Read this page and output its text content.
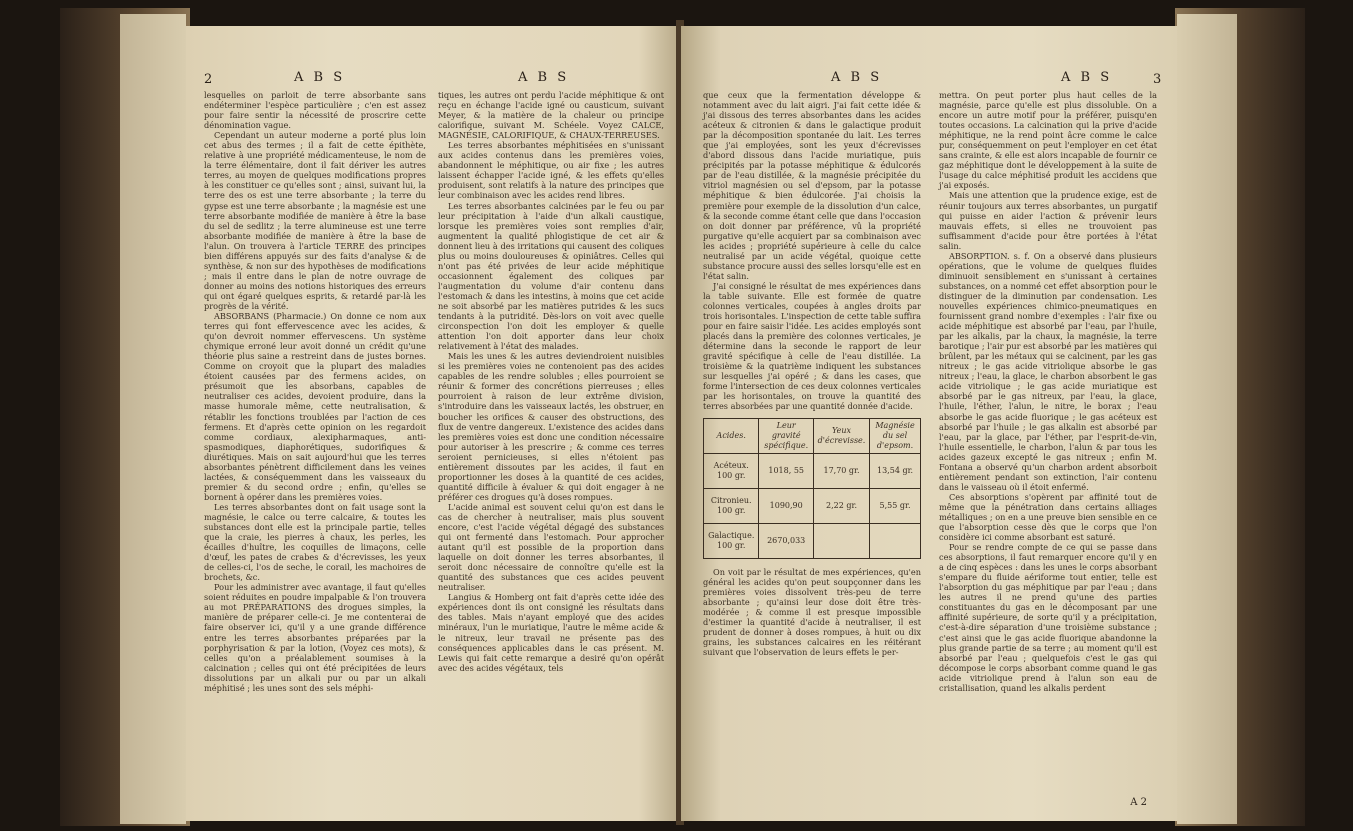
2	A B S	A B S

lesquelles on parloit de terre absorbante sans endéterminer l'espèce particulière ; c'en est assez pour faire sentir la nécessité de proscrire cette dénomination vague.

Cependant un auteur moderne a porté plus loin cet abus des termes ; il a fait de cette épithète, relative à une propriété médicamenteuse, le nom de la terre élémentaire, dont il fait dériver les autres terres, au moyen de quelques modifications propres à les constituer ce qu'elles sont ; ainsi, suivant lui, la terre des os est une terre absorbante ; la terre du gypse est une terre absorbante ; la magnésie est une terre absorbante modifiée de manière à être la base du sel de sedlitz ; la terre alumineuse est une terre absorbante modifiée de manière à être la base de l'alun. On trouvera à l'article TERRE des principes bien différens appuyés sur des faits d'analyse & de synthèse, & non sur des hypothèses de modifications ; mais il entre dans le plan de notre ouvrage de donner au moins des notions historiques des erreurs qui ont égaré quelques esprits, & retardé par-là les progrès de la vérité.

ABSORBANS (Pharmacie.) On donne ce nom aux terres qui font effervescence avec les acides, & qu'on devroit nommer effervescens. Un système chymique erroné leur avoit donné un crédit qu'une théorie plus saine a restreint dans de justes bornes. Comme on croyoit que la plupart des maladies étoient causées par des fermens acides, on présumoit que les absorbans, capables de neutraliser ces acides, devoient produire, dans la masse humorale même, cette neutralisation, & rétablir les fonctions troublées par l'action de ces fermens. Et d'après cette opinion on les regardoit comme cordiaux, alexipharmaques, anti-spasmodiques, diaphorétiques, sudorifiques & diurétiques. Mais on sait aujourd'hui que les terres absorbantes pénètrent difficilement dans les veines lactées, & conséquemment dans les vaisseaux du premier & du second ordre ; enfin, qu'elles se bornent à opérer dans les premières voies.

Les terres absorbantes dont on fait usage sont la magnésie, le calce ou terre calcaire, & toutes les substances dont elle est la principale partie, telles que la craie, les pierres à chaux, les perles, les écailles d'huître, les coquilles de limaçons, celle d'œuf, les pates de crabes & d'écrevisses, les yeux de celles-ci, l'os de seche, le corail, les machoires de brochets, &c.

Pour les administrer avec avantage, il faut qu'elles soient réduites en poudre impalpable & l'on trouvera au mot PRÉPARATIONS des drogues simples, la manière de préparer celle-ci. Je me contenterai de faire observer ici, qu'il y a une grande différence entre les terres absorbantes préparées par la porphyrisation & par la lotion, (Voyez ces mots), & celles qu'on a préalablement soumises à la calcination ; celles qui ont été précipitées de leurs dissolutions par un alkali pur ou par un alkali méphitisé ; les unes sont des sels méphi-

tiques, les autres ont perdu l'acide méphitique & ont reçu en échange l'acide igné ou causticum, suivant Meyer, & la matière de la chaleur ou principe calorifique, suivant M. Schéele. Voyez CALCE, MAGNÉSIE, CALORIFIQUE, & CHAUX-TERREUSES.

Les terres absorbantes méphitisées en s'unissant aux acides contenus dans les premières voies, abandonnent le méphitique, ou air fixe ; les autres laissent échapper l'acide igné, & les effets qu'elles produisent, sont relatifs à la nature des principes que leur combinaison avec les acides rend libres.

Les terres absorbantes calcinées par le feu ou par leur précipitation à l'aide d'un alkali caustique, lorsque les premières voies sont remplies d'air, augmentent la qualité phlogistique de cet air & donnent lieu à des irritations qui causent des coliques plus ou moins douloureuses & opiniâtres. Celles qui n'ont pas été privées de leur acide méphitique occasionnent également des coliques par l'augmentation du volume d'air contenu dans l'estomach & dans les intestins, à moins que cet acide ne soit absorbé par les matières putrides & les sucs tendants à la putridité. Dès-lors on voit avec quelle circonspection l'on doit les employer & quelle attention l'on doit apporter dans leur choix relativement à l'état des malades.

Mais les unes & les autres deviendroient nuisibles si les premières voies ne contenoient pas des acides capables de les rendre solubles ; elles pourroient se réunir & former des concrétions pierreuses ; elles pourroient à raison de leur extrême division, s'introduire dans les vaisseaux lactés, les obstruer, en boucher les orifices & causer des obstructions, des flux de ventre dangereux. L'existence des acides dans les premières voies est donc une condition nécessaire pour autoriser à les prescrire ; & comme ces terres seroient pernicieuses, si elles n'étoient pas entièrement dissoutes par les acides, il faut en proportionner les doses à la quantité de ces acides, quantité difficile à évaluer & qui doit engager à ne préférer ces drogues qu'à doses rompues.

L'acide animal est souvent celui qu'on est dans le cas de chercher à neutraliser, mais plus souvent encore, c'est l'acide végétal dégagé des substances qui ont fermenté dans l'estomach. Pour approcher autant qu'il est possible de la proportion dans laquelle on doit donner les terres absorbantes, il seroit donc nécessaire de connoître qu'elle est la quantité des substances que ces acides peuvent neutraliser.

Langius & Homberg ont fait d'après cette idée des expériences dont ils ont consigné les résultats dans des tables. Mais n'ayant employé que des acides minéraux, l'un le muriatique, l'autre le même acide & le nitreux, leur travail ne présente pas des conséquences applicables dans le cas présent. M. Lewis qui fait cette remarque a desiré qu'on opérât avec des acides végétaux, tels

A B S	A B S	3

que ceux que la fermentation développe & notamment avec du lait aigri. J'ai fait cette idée & j'ai dissous des terres absorbantes dans les acides acéteux & citronien & dans le galactique produit par la décomposition spontanée du lait. Les terres que j'ai employées, sont les yeux d'écrevisses d'abord dissous dans l'acide muriatique, puis précipités par la potasse méphitique & édulcorés par de l'eau distillée, & la magnésie précipitée du vitriol magnésien ou sel d'epsom, par la potasse méphitique & bien édulcorée. J'ai choisis la première pour exemple de la dissolution d'un calce, & la seconde comme étant celle que dans l'occasion on doit donner par préférence, vû la propriété purgative qu'elle acquiert par sa combinaison avec les acides ; propriété supérieure à celle du calce neutralisé par un acide végétal, quoique cette substance procure aussi des selles lorsqu'elle est en l'état salin.

J'ai consigné le résultat de mes expériences dans la table suivante. Elle est formée de quatre colonnes verticales, coupées à angles droits par trois horisontales. L'inspection de cette table suffira pour en faire saisir l'idée. Les acides employés sont placés dans la première des colonnes verticales, je détermine dans la seconde le rapport de leur gravité spécifique à celle de l'eau distillée. La troisième & la quatrième indiquent les substances sur lesquelles j'ai opéré ; & dans les cases, que forme l'intersection de ces deux colonnes verticales par les horisontales, on trouve la quantité des terres absorbées par une quantité donnée d'acide.

Acides.	Leur gravité spécifique.	Yeux d'écrevisse.	Magnésie du sel d'epsom.
Acéteux. 100 gr.	1018, 55	17,70 gr.	13,54 gr.
Citronieu. 100 gr.	1090,90	2,22 gr.	5,55 gr.
Galactique. 100 gr.	2670,033		

On voit par le résultat de mes expériences, qu'en général les acides qu'on peut soupçonner dans les premières voies dissolvent très-peu de terre absorbante ; qu'ainsi leur dose doit être très-modérée ; & comme il est presque impossible d'estimer la quantité d'acide à neutraliser, il est prudent de donner à doses rompues, à huit ou dix grains, les substances calcaires en les réitérant suivant que l'observation de leurs effets le per-

mettra. On peut porter plus haut celles de la magnésie, parce qu'elle est plus dissoluble. On a encore un autre motif pour la préférer, puisqu'en toutes occasions. La calcination qui la prive d'acide méphitique, ne la rend point âcre comme le calce pur, conséquemment on peut l'employer en cet état sans crainte, & elle est alors incapable de fournir ce gaz méphitique dont le développement à la suite de l'usage du calce méphitisé produit les accidens que j'ai exposés.

Mais une attention que la prudence exige, est de réunir toujours aux terres absorbantes, un purgatif qui puisse en aider l'action & prévenir leurs mauvais effets, si elles ne trouvoient pas suffisamment d'acide pour être portées à l'état salin.

ABSORPTION. s. f. On a observé dans plusieurs opérations, que le volume de quelques fluides diminuoit sensiblement en s'unissant à certaines substances, on a nommé cet effet absorption pour le distinguer de la diminution par condensation. Les nouvelles expériences chimico-pneumatiques en fournissent grand nombre d'exemples : l'air fixe ou acide méphitique est absorbé par l'eau, par l'huile, par les alkalis, par la chaux, la magnésie, la terre barotique ; l'air pur est absorbé par les matières qui brûlent, par les métaux qui se calcinent, par les gas nitreux ; le gas acide vitriolique absorbe le gas nitreux ; l'eau, la glace, le charbon absorbent le gas acide vitriolique ; le gas acide muriatique est absorbé par le gas nitreux, par l'eau, la glace, l'huile, l'éther, l'alun, le nitre, le borax ; l'eau absorbe le gas acide fluorique ; le gas acéteux est absorbé par l'huile ; le gas alkalin est absorbé par l'eau, par la glace, par l'éther, par l'esprit-de-vin, l'huile essentielle, le charbon, l'alun & par tous les acides gazeux excepté le gas nitreux ; enfin M. Fontana a observé qu'un charbon ardent absorboit entièrement pendant son extinction, l'air contenu dans le vaisseau où il étoit enfermé.

Ces absorptions s'opèrent par affinité tout de même que la pénétration dans certains alliages métalliques ; on en a une preuve bien sensible en ce que l'absorption cesse dès que le corps que l'on considère ici comme absorbant est saturé.

Pour se rendre compte de ce qui se passe dans ces absorptions, il faut remarquer encore qu'il y en a de cinq espèces : dans les unes le corps absorbant s'empare du fluide aériforme tout entier, telle est l'absorption du gas méphitique par par l'eau ; dans les autres il ne prend qu'une des parties constituantes du gas en le décomposant par une affinité supérieure, de sorte qu'il y a précipitation, c'est-à-dire séparation d'une troisième substance ; c'est ainsi que le gas acide fluorique abandonne la plus grande partie de sa terre ; au moment qu'il est absorbé par l'eau ; quelquefois c'est le gas qui décompose le corps absorbant comme quand le gas acide vitriolique prend à l'alun son eau de cristallisation, quand les alkalis perdent

A 2
